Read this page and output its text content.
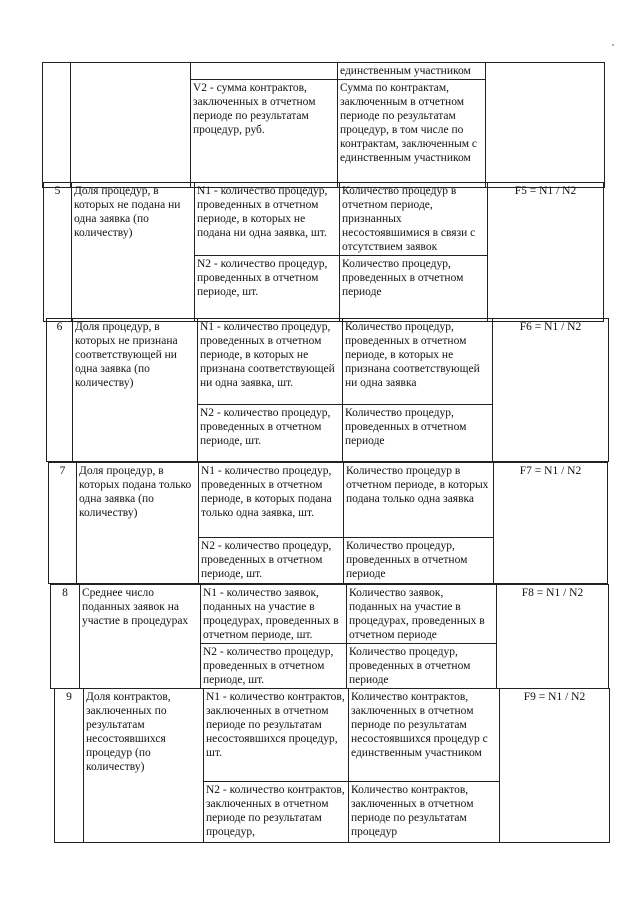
			единственным участником	
		V2 - сумма контрактов, заключенных в отчетном периоде по результатам процедур, руб.	Сумма по контрактам, заключенным в отчетном периоде по результатам процедур, в том числе по контрактам, заключенным с единственным участником	
5	Доля процедур, в которых не подана ни одна заявка (по количеству)	N1 - количество процедур, проведенных в отчетном периоде, в которых не подана ни одна заявка, шт.	Количество процедур в отчетном периоде, признанных несостоявшимися в связи с отсутствием заявок	F5 = N1 / N2
		N2 - количество процедур, проведенных в отчетном периоде, шт.	Количество процедур, проведенных в отчетном периоде	
6	Доля процедур, в которых не признана соответствующей ни одна заявка (по количеству)	N1 - количество процедур, проведенных в отчетном периоде, в которых не признана соответствующей ни одна заявка, шт.	Количество процедур, проведенных в отчетном периоде, в которых не признана соответствующей ни одна заявка	F6 = N1 / N2
		N2 - количество процедур, проведенных в отчетном периоде, шт.	Количество процедур, проведенных в отчетном периоде	
7	Доля процедур, в которых подана только одна заявка (по количеству)	N1 - количество процедур, проведенных в отчетном периоде, в которых подана только одна заявка, шт.	Количество процедур в отчетном периоде, в которых подана только одна заявка	F7 = N1 / N2
		N2 - количество процедур, проведенных в отчетном периоде, шт.	Количество процедур, проведенных в отчетном периоде	
8	Среднее число поданных заявок на участие в процедурах	N1 - количество заявок, поданных на участие в процедурах, проведенных в отчетном периоде, шт.	Количество заявок, поданных на участие в процедурах, проведенных в отчетном периоде	F8 = N1 / N2
		N2 - количество процедур, проведенных в отчетном периоде, шт.	Количество процедур, проведенных в отчетном периоде	
9	Доля контрактов, заключенных по результатам несостоявшихся процедур (по количеству)	N1 - количество контрактов, заключенных в отчетном периоде по результатам несостоявшихся процедур, шт.	Количество контрактов, заключенных в отчетном периоде по результатам несостоявшихся процедур с единственным участником	F9 = N1 / N2
		N2 - количество контрактов, заключенных в отчетном периоде по результатам процедур,	Количество контрактов, заключенных в отчетном периоде по результатам процедур	
